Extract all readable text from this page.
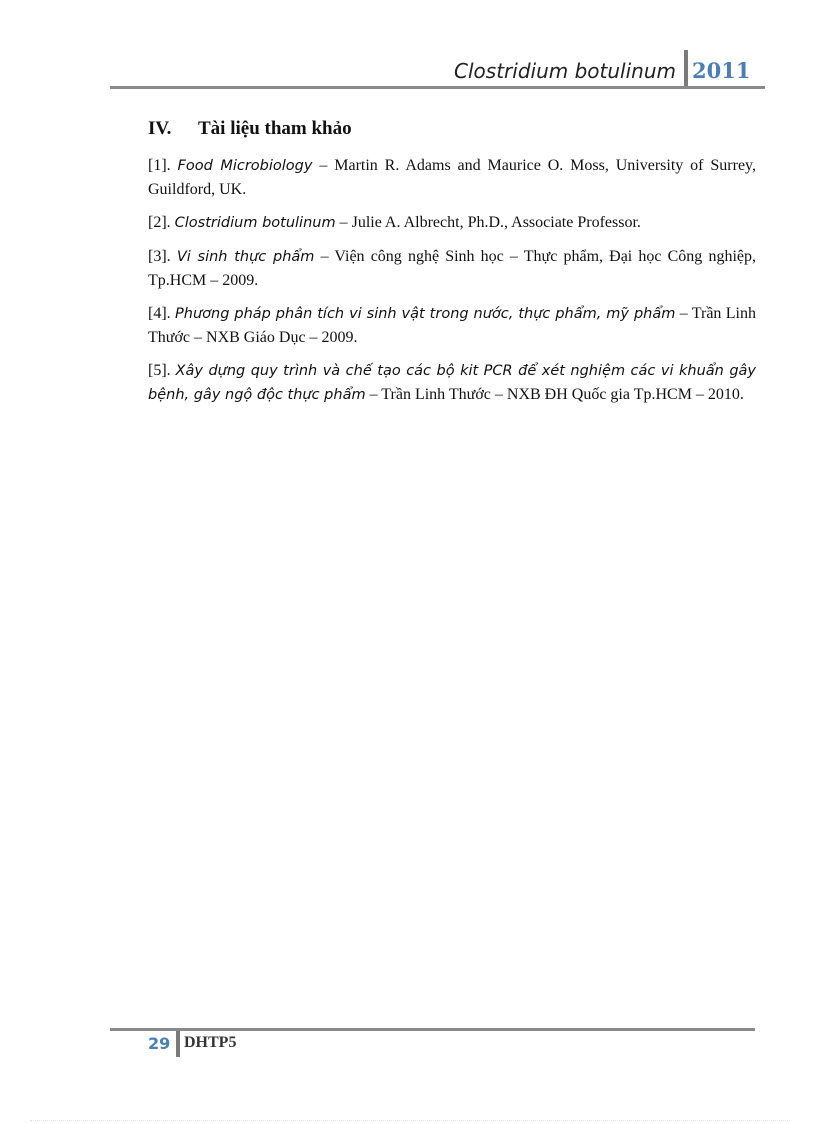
Clostridium botulinum 2011
IV.	Tài liệu tham khảo

[1]. Food Microbiology – Martin R. Adams and Maurice O. Moss, University of Surrey, Guildford, UK.

[2]. Clostridium botulinum – Julie A. Albrecht, Ph.D., Associate Professor.

[3]. Vi sinh thực phẩm – Viện công nghệ Sinh học – Thực phẩm, Đại học Công nghiệp, Tp.HCM – 2009.

[4]. Phương pháp phân tích vi sinh vật trong nước, thực phẩm, mỹ phẩm – Trần Linh Thước – NXB Giáo Dục – 2009.

[5]. Xây dựng quy trình và chế tạo các bộ kit PCR để xét nghiệm các vi khuẩn gây bệnh, gây ngộ độc thực phẩm – Trần Linh Thước – NXB ĐH Quốc gia Tp.HCM – 2010.

29 DHTP5
